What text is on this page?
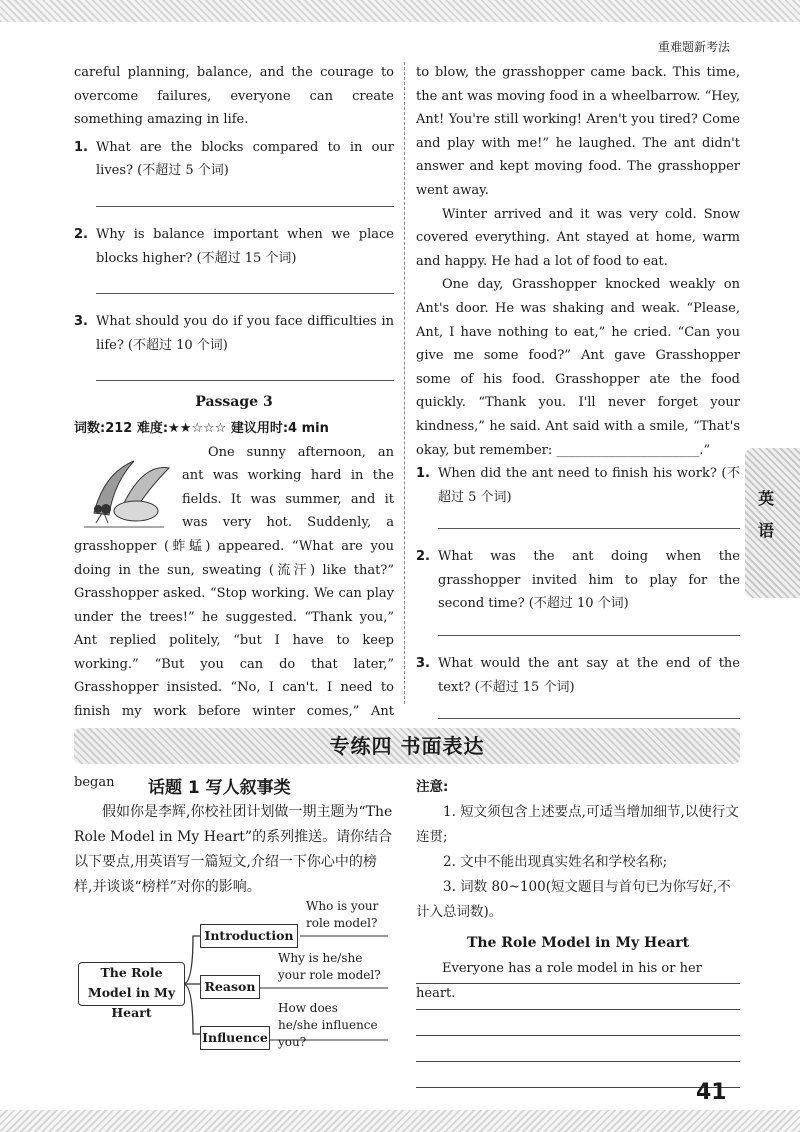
重难题新考法

careful planning, balance, and the courage to overcome failures, everyone can create something amazing in life.

1. What are the blocks compared to in our lives? (不超过 5 个词)
2. Why is balance important when we place blocks higher? (不超过 15 个词)
3. What should you do if you face difficulties in life? (不超过 10 个词)
Passage 3
词数:212 难度:★★☆☆☆ 建议用时:4 min

One sunny afternoon, an ant was working hard in the fields. It was summer, and it was very hot. Suddenly, a grasshopper (蚱蜢) appeared. “What are you doing in the sun, sweating (流汗) like that?” Grasshopper asked. “Stop working. We can play under the trees!” he suggested. “Thank you,” Ant replied politely, “but I have to keep working.” “But you can do that later,” Grasshopper insisted. “No, I can't. I need to finish my work before winter comes,” Ant

began

to blow, the grasshopper came back. This time, the ant was moving food in a wheelbarrow. “Hey, Ant! You're still working! Aren't you tired? Come and play with me!” he laughed. The ant didn't answer and kept moving food. The grasshopper went away.

Winter arrived and it was very cold. Snow covered everything. Ant stayed at home, warm and happy. He had a lot of food to eat.

One day, Grasshopper knocked weakly on Ant's door. He was shaking and weak. “Please, Ant, I have nothing to eat,” he cried. “Can you give me some food?” Ant gave Grasshopper some of his food. Grasshopper ate the food quickly. “Thank you. I'll never forget your kindness,” he said. Ant said with a smile, “That's okay, but remember: ______________________.”

1. When did the ant need to finish his work? (不超过 5 个词)
2. What was the ant doing when the grasshopper invited him to play for the second time? (不超过 10 个词)
3. What would the ant say at the end of the text? (不超过 15 个词)
英
语
专练四 书面表达
话题 1 写人叙事类
假如你是李辉,你校社团计划做一期主题为“The Role Model in My Heart”的系列推送。请你结合以下要点,用英语写一篇短文,介绍一下你心中的榜样,并谈谈“榜样”对你的影响。
The Role Model in My Heart
Introduction
Reason
Influence
Who is your role model?
Why is he/she your role model?
How does he/she influence you?

注意:

1. 短文须包含上述要点,可适当增加细节,以使行文连贯;

2. 文中不能出现真实姓名和学校名称;

3. 词数 80~100(短文题目与首句已为你写好,不计入总词数)。

The Role Model in My Heart

Everyone has a role model in his or her heart.

41
